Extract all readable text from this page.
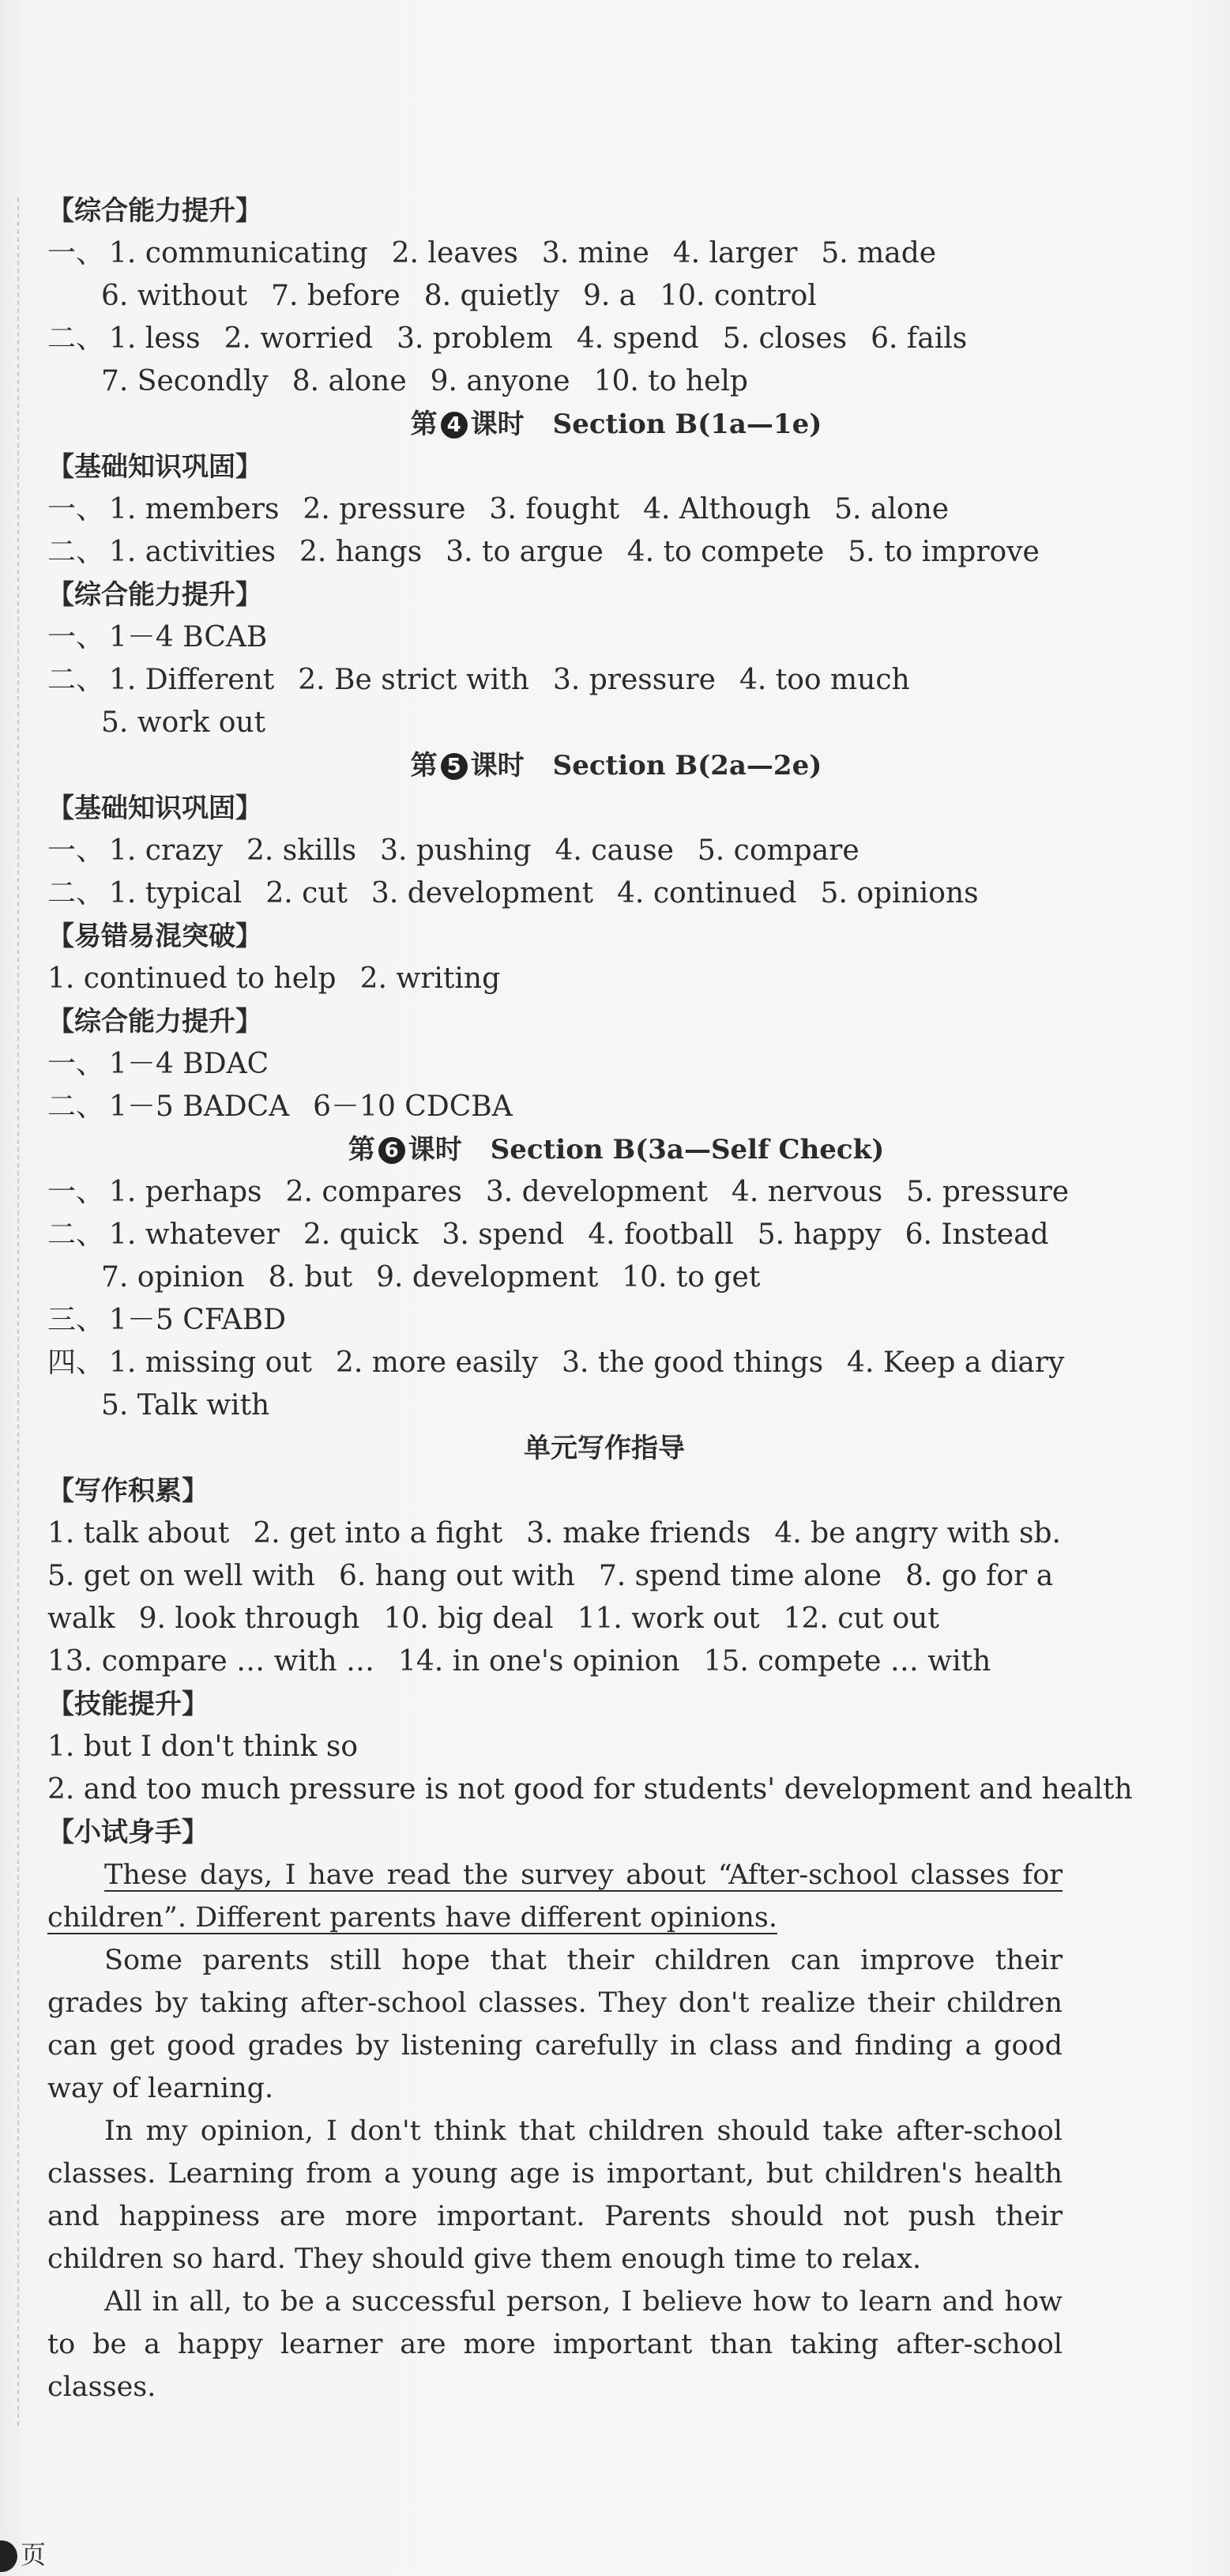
【综合能力提升】
一、 1. communicating 2. leaves 3. mine 4. larger 5. made
6. without 7. before 8. quietly 9. a 10. control
二、 1. less 2. worried 3. problem 4. spend 5. closes 6. fails
7. Secondly 8. alone 9. anyone 10. to help
第 4 课时 Section B(1a—1e)
【基础知识巩固】
一、 1. members 2. pressure 3. fought 4. Although 5. alone
二、 1. activities 2. hangs 3. to argue 4. to compete 5. to improve
【综合能力提升】
一、 1－4 BCAB
二、 1. Different 2. Be strict with 3. pressure 4. too much
5. work out
第 5 课时 Section B(2a—2e)
【基础知识巩固】
一、 1. crazy 2. skills 3. pushing 4. cause 5. compare
二、 1. typical 2. cut 3. development 4. continued 5. opinions
【易错易混突破】
1. continued to help 2. writing
【综合能力提升】
一、 1－4 BDAC
二、 1－5 BADCA 6－10 CDCBA
第 6 课时 Section B(3a—Self Check)
一、 1. perhaps 2. compares 3. development 4. nervous 5. pressure
二、 1. whatever 2. quick 3. spend 4. football 5. happy 6. Instead
7. opinion 8. but 9. development 10. to get
三、 1－5 CFABD
四、 1. missing out 2. more easily 3. the good things 4. Keep a diary
5. Talk with
单元写作指导
【写作积累】
1. talk about 2. get into a fight 3. make friends 4. be angry with sb.
5. get on well with 6. hang out with 7. spend time alone 8. go for a
walk 9. look through 10. big deal 11. work out 12. cut out
13. compare … with … 14. in one's opinion 15. compete … with
【技能提升】
1. but I don't think so
2. and too much pressure is not good for students' development and health
【小试身手】
These days, I have read the survey about “After-school classes for children”. Different parents have different opinions.
Some parents still hope that their children can improve their grades by taking after-school classes. They don't realize their children can get good grades by listening carefully in class and finding a good way of learning.
In my opinion, I don't think that children should take after-school classes. Learning from a young age is important, but children's health and happiness are more important. Parents should not push their children so hard. They should give them enough time to relax.
All in all, to be a successful person, I believe how to learn and how to be a happy learner are more important than taking after-school classes.
页
